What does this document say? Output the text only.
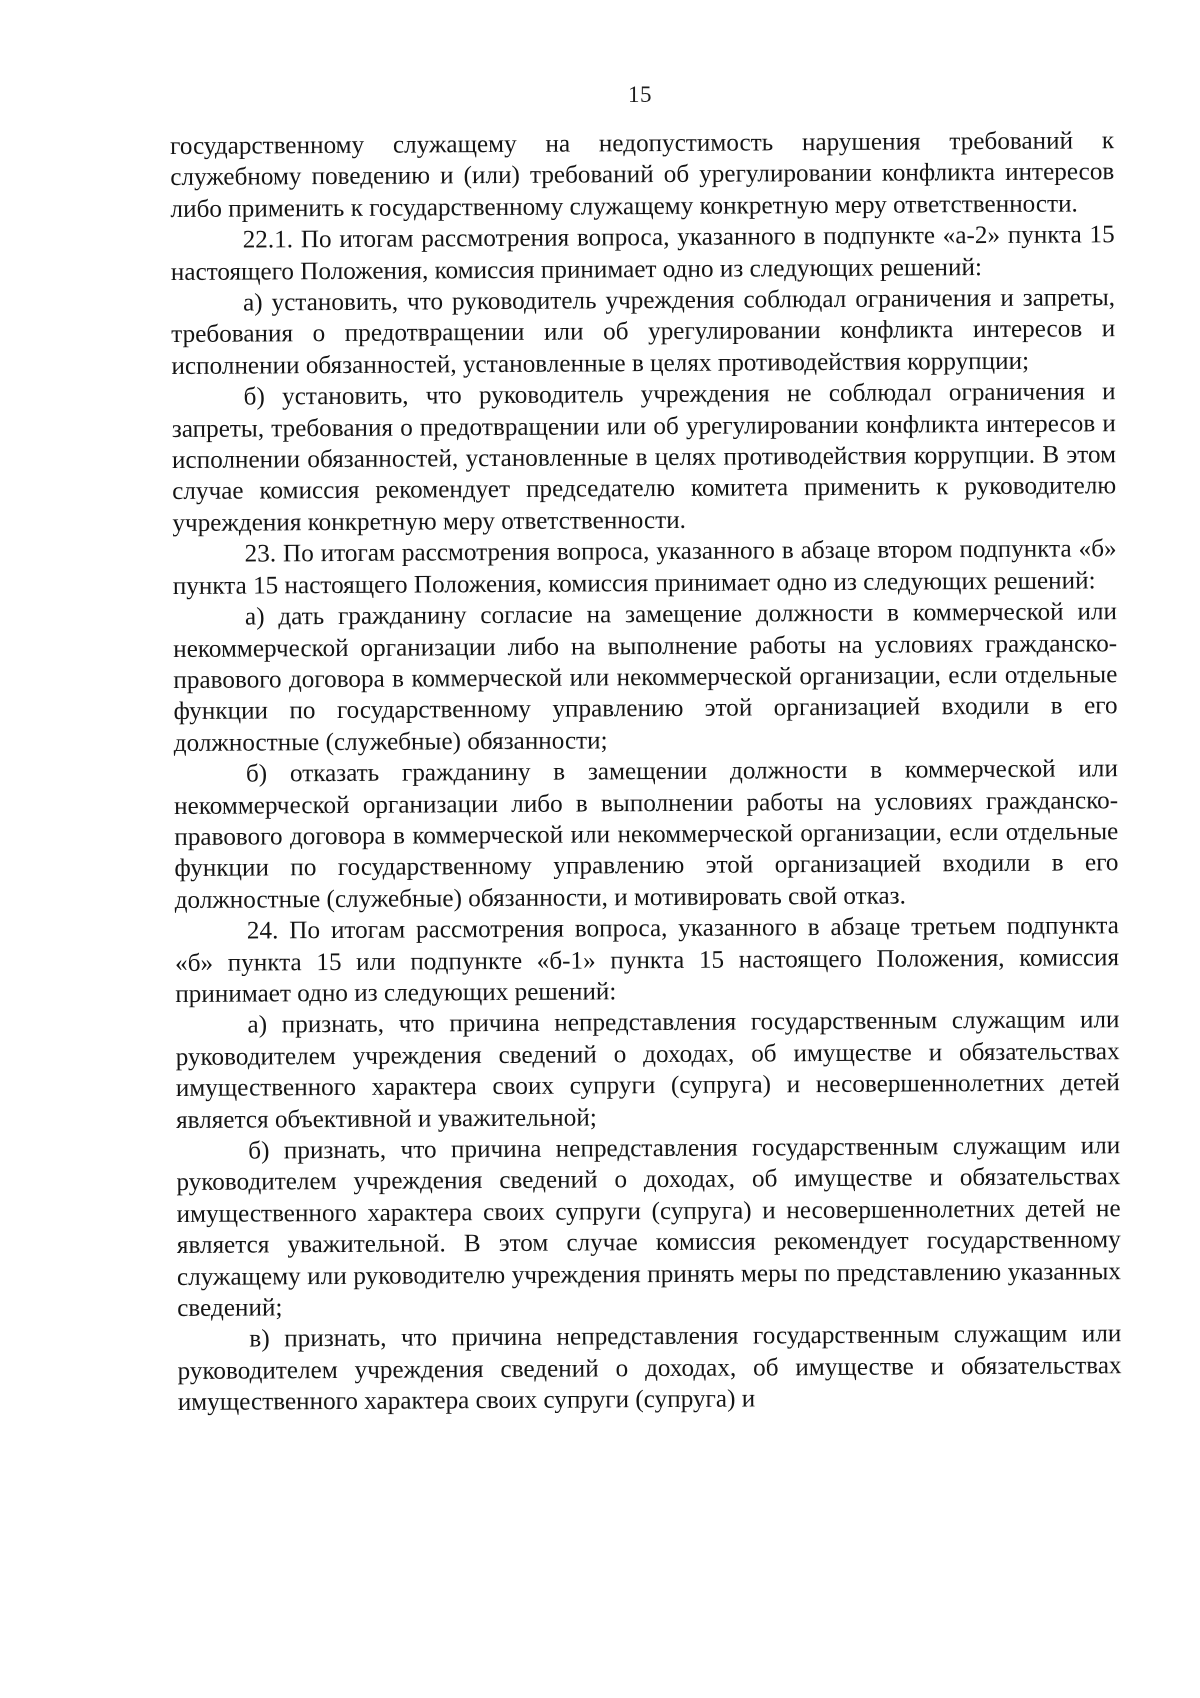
15

государственному служащему на недопустимость нарушения требований к служебному поведению и (или) требований об урегулировании конфликта интересов либо применить к государственному служащему конкретную меру ответственности.

22.1. По итогам рассмотрения вопроса, указанного в подпункте «а-2» пункта 15 настоящего Положения, комиссия принимает одно из следующих решений:

а) установить, что руководитель учреждения соблюдал ограничения и запреты, требования о предотвращении или об урегулировании конфликта интересов и исполнении обязанностей, установленные в целях противодействия коррупции;

б) установить, что руководитель учреждения не соблюдал ограничения и запреты, требования о предотвращении или об урегулировании конфликта интересов и исполнении обязанностей, установленные в целях противодействия коррупции. В этом случае комиссия рекомендует председателю комитета применить к руководителю учреждения конкретную меру ответственности.

23. По итогам рассмотрения вопроса, указанного в абзаце втором подпункта «б» пункта 15 настоящего Положения, комиссия принимает одно из следующих решений:

а) дать гражданину согласие на замещение должности в коммерческой или некоммерческой организации либо на выполнение работы на условиях гражданско-правового договора в коммерческой или некоммерческой организации, если отдельные функции по государственному управлению этой организацией входили в его должностные (служебные) обязанности;

б) отказать гражданину в замещении должности в коммерческой или некоммерческой организации либо в выполнении работы на условиях гражданско-правового договора в коммерческой или некоммерческой организации, если отдельные функции по государственному управлению этой организацией входили в его должностные (служебные) обязанности, и мотивировать свой отказ.

24. По итогам рассмотрения вопроса, указанного в абзаце третьем подпункта «б» пункта 15 или подпункте «б-1» пункта 15 настоящего Положения, комиссия принимает одно из следующих решений:

а) признать, что причина непредставления государственным служащим или руководителем учреждения сведений о доходах, об имуществе и обязательствах имущественного характера своих супруги (супруга) и несовершеннолетних детей является объективной и уважительной;

б) признать, что причина непредставления государственным служащим или руководителем учреждения сведений о доходах, об имуществе и обязательствах имущественного характера своих супруги (супруга) и несовершеннолетних детей не является уважительной. В этом случае комиссия рекомендует государственному служащему или руководителю учреждения принять меры по представлению указанных сведений;

в) признать, что причина непредставления государственным служащим или руководителем учреждения сведений о доходах, об имуществе и обязательствах имущественного характера своих супруги (супруга) и
